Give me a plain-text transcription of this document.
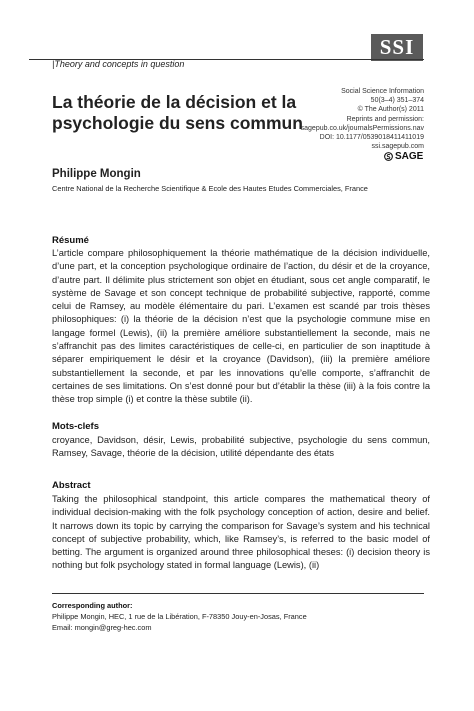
SSI
|Theory and concepts in question
La théorie de la décision et la
psychologie du sens commun
Social Science Information
50(3–4) 351–374
© The Author(s) 2011
Reprints and permission:
sagepub.co.uk/journalsPermissions.nav
DOI: 10.1177/0539018411411019
ssi.sagepub.com
SAGE
Philippe Mongin
Centre National de la Recherche Scientifique & Ecole des Hautes Etudes Commerciales, France
Résumé

L’article compare philosophiquement la théorie mathématique de la décision individuelle, d’une part, et la conception psychologique ordinaire de l’action, du désir et de la croyance, d’autre part. Il délimite plus strictement son objet en étudiant, sous cet angle comparatif, le système de Savage et son concept technique de probabilité subjective, rapporté, comme celui de Ramsey, au modèle élémentaire du pari. L’examen est scandé par trois thèses philosophiques: (i) la théorie de la décision n’est que la psychologie commune mise en langage formel (Lewis), (ii) la première améliore substantiellement la seconde, mais ne s’affranchit pas des limites caractéristiques de celle-ci, en particulier de son inaptitude à séparer empiriquement le désir et la croyance (Davidson), (iii) la première améliore substantiellement la seconde, et par les innovations qu’elle comporte, s’affranchit de certaines de ses limitations. On s’est donné pour but d’établir la thèse (iii) à la fois contre la thèse trop simple (i) et contre la thèse subtile (ii).

Mots-clefs

croyance, Davidson, désir, Lewis, probabilité subjective, psychologie du sens commun, Ramsey, Savage, théorie de la décision, utilité dépendante des états

Abstract

Taking the philosophical standpoint, this article compares the mathematical theory of individual decision-making with the folk psychology conception of action, desire and belief. It narrows down its topic by carrying the comparison for Savage’s system and his technical concept of subjective probability, which, like Ramsey’s, is referred to the basic model of betting. The argument is organized around three philosophical theses: (i) decision theory is nothing but folk psychology stated in formal language (Lewis), (ii)

Corresponding author:
Philippe Mongin, HEC, 1 rue de la Libération, F-78350 Jouy-en-Josas, France
Email: mongin@greg-hec.com
